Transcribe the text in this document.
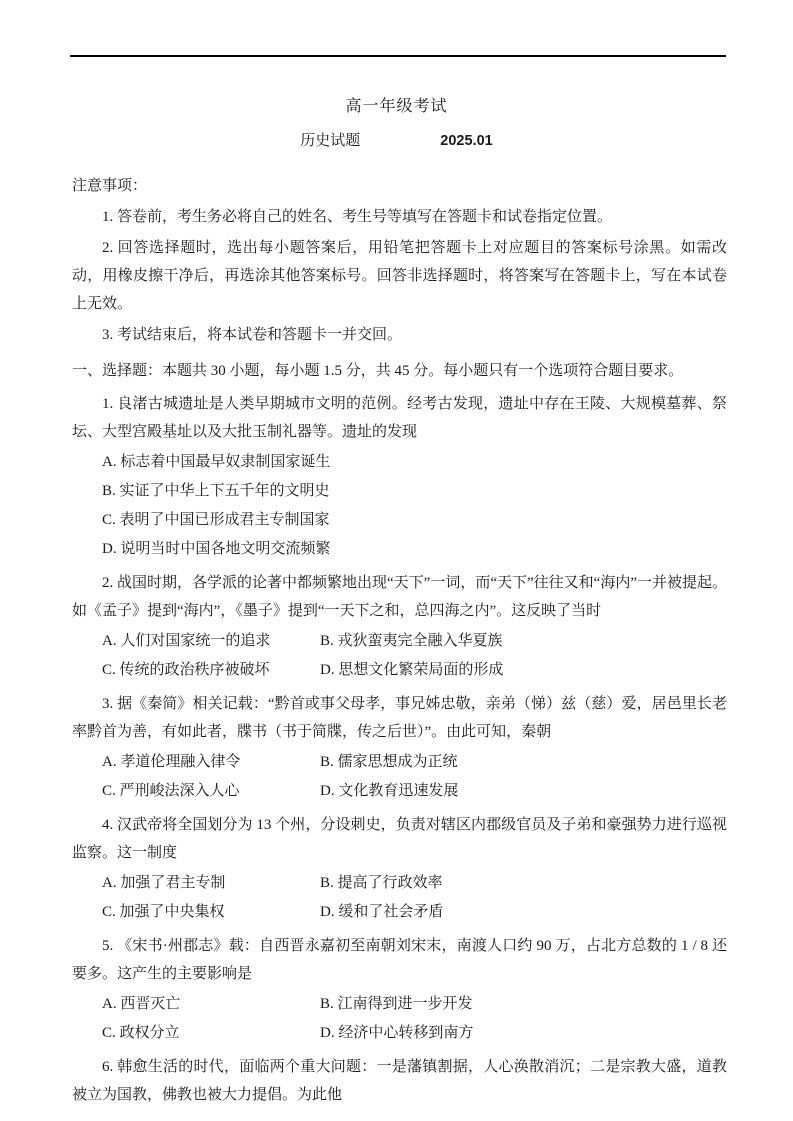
高一年级考试
历史试题	2025.01

注意事项：

1. 答卷前，考生务必将自己的姓名、考生号等填写在答题卡和试卷指定位置。

2. 回答选择题时，选出每小题答案后，用铅笔把答题卡上对应题目的答案标号涂黑。如需改动，用橡皮擦干净后，再选涂其他答案标号。回答非选择题时，将答案写在答题卡上，写在本试卷上无效。

3. 考试结束后，将本试卷和答题卡一并交回。

一、选择题：本题共 30 小题，每小题 1.5 分，共 45 分。每小题只有一个选项符合题目要求。

1. 良渚古城遗址是人类早期城市文明的范例。经考古发现，遗址中存在王陵、大规模墓葬、祭坛、大型宫殿基址以及大批玉制礼器等。遗址的发现

A. 标志着中国最早奴隶制国家诞生
B. 实证了中华上下五千年的文明史
C. 表明了中国已形成君主专制国家
D. 说明当时中国各地文明交流频繁

2. 战国时期，各学派的论著中都频繁地出现“天下”一词，而“天下”往往又和“海内”一并被提起。如《孟子》提到“海内”，《墨子》提到“一天下之和，总四海之内”。这反映了当时

A. 人们对国家统一的追求	B. 戎狄蛮夷完全融入华夏族
C. 传统的政治秩序被破坏	D. 思想文化繁荣局面的形成

3. 据《秦简》相关记载：“黔首或事父母孝，事兄姊忠敬，亲弟（悌）兹（慈）爱，居邑里长老率黔首为善，有如此者，牒书（书于简牒，传之后世）”。由此可知，秦朝

A. 孝道伦理融入律令	B. 儒家思想成为正统
C. 严刑峻法深入人心	D. 文化教育迅速发展

4. 汉武帝将全国划分为 13 个州，分设刺史，负责对辖区内郡级官员及子弟和豪强势力进行巡视监察。这一制度

A. 加强了君主专制	B. 提高了行政效率
C. 加强了中央集权	D. 缓和了社会矛盾

5. 《宋书·州郡志》载：自西晋永嘉初至南朝刘宋末，南渡人口约 90 万，占北方总数的 1 / 8 还要多。这产生的主要影响是

A. 西晋灭亡	B. 江南得到进一步开发
C. 政权分立	D. 经济中心转移到南方

6. 韩愈生活的时代，面临两个重大问题：一是藩镇割据，人心涣散消沉；二是宗教大盛，道教被立为国教，佛教也被大力提倡。为此他
